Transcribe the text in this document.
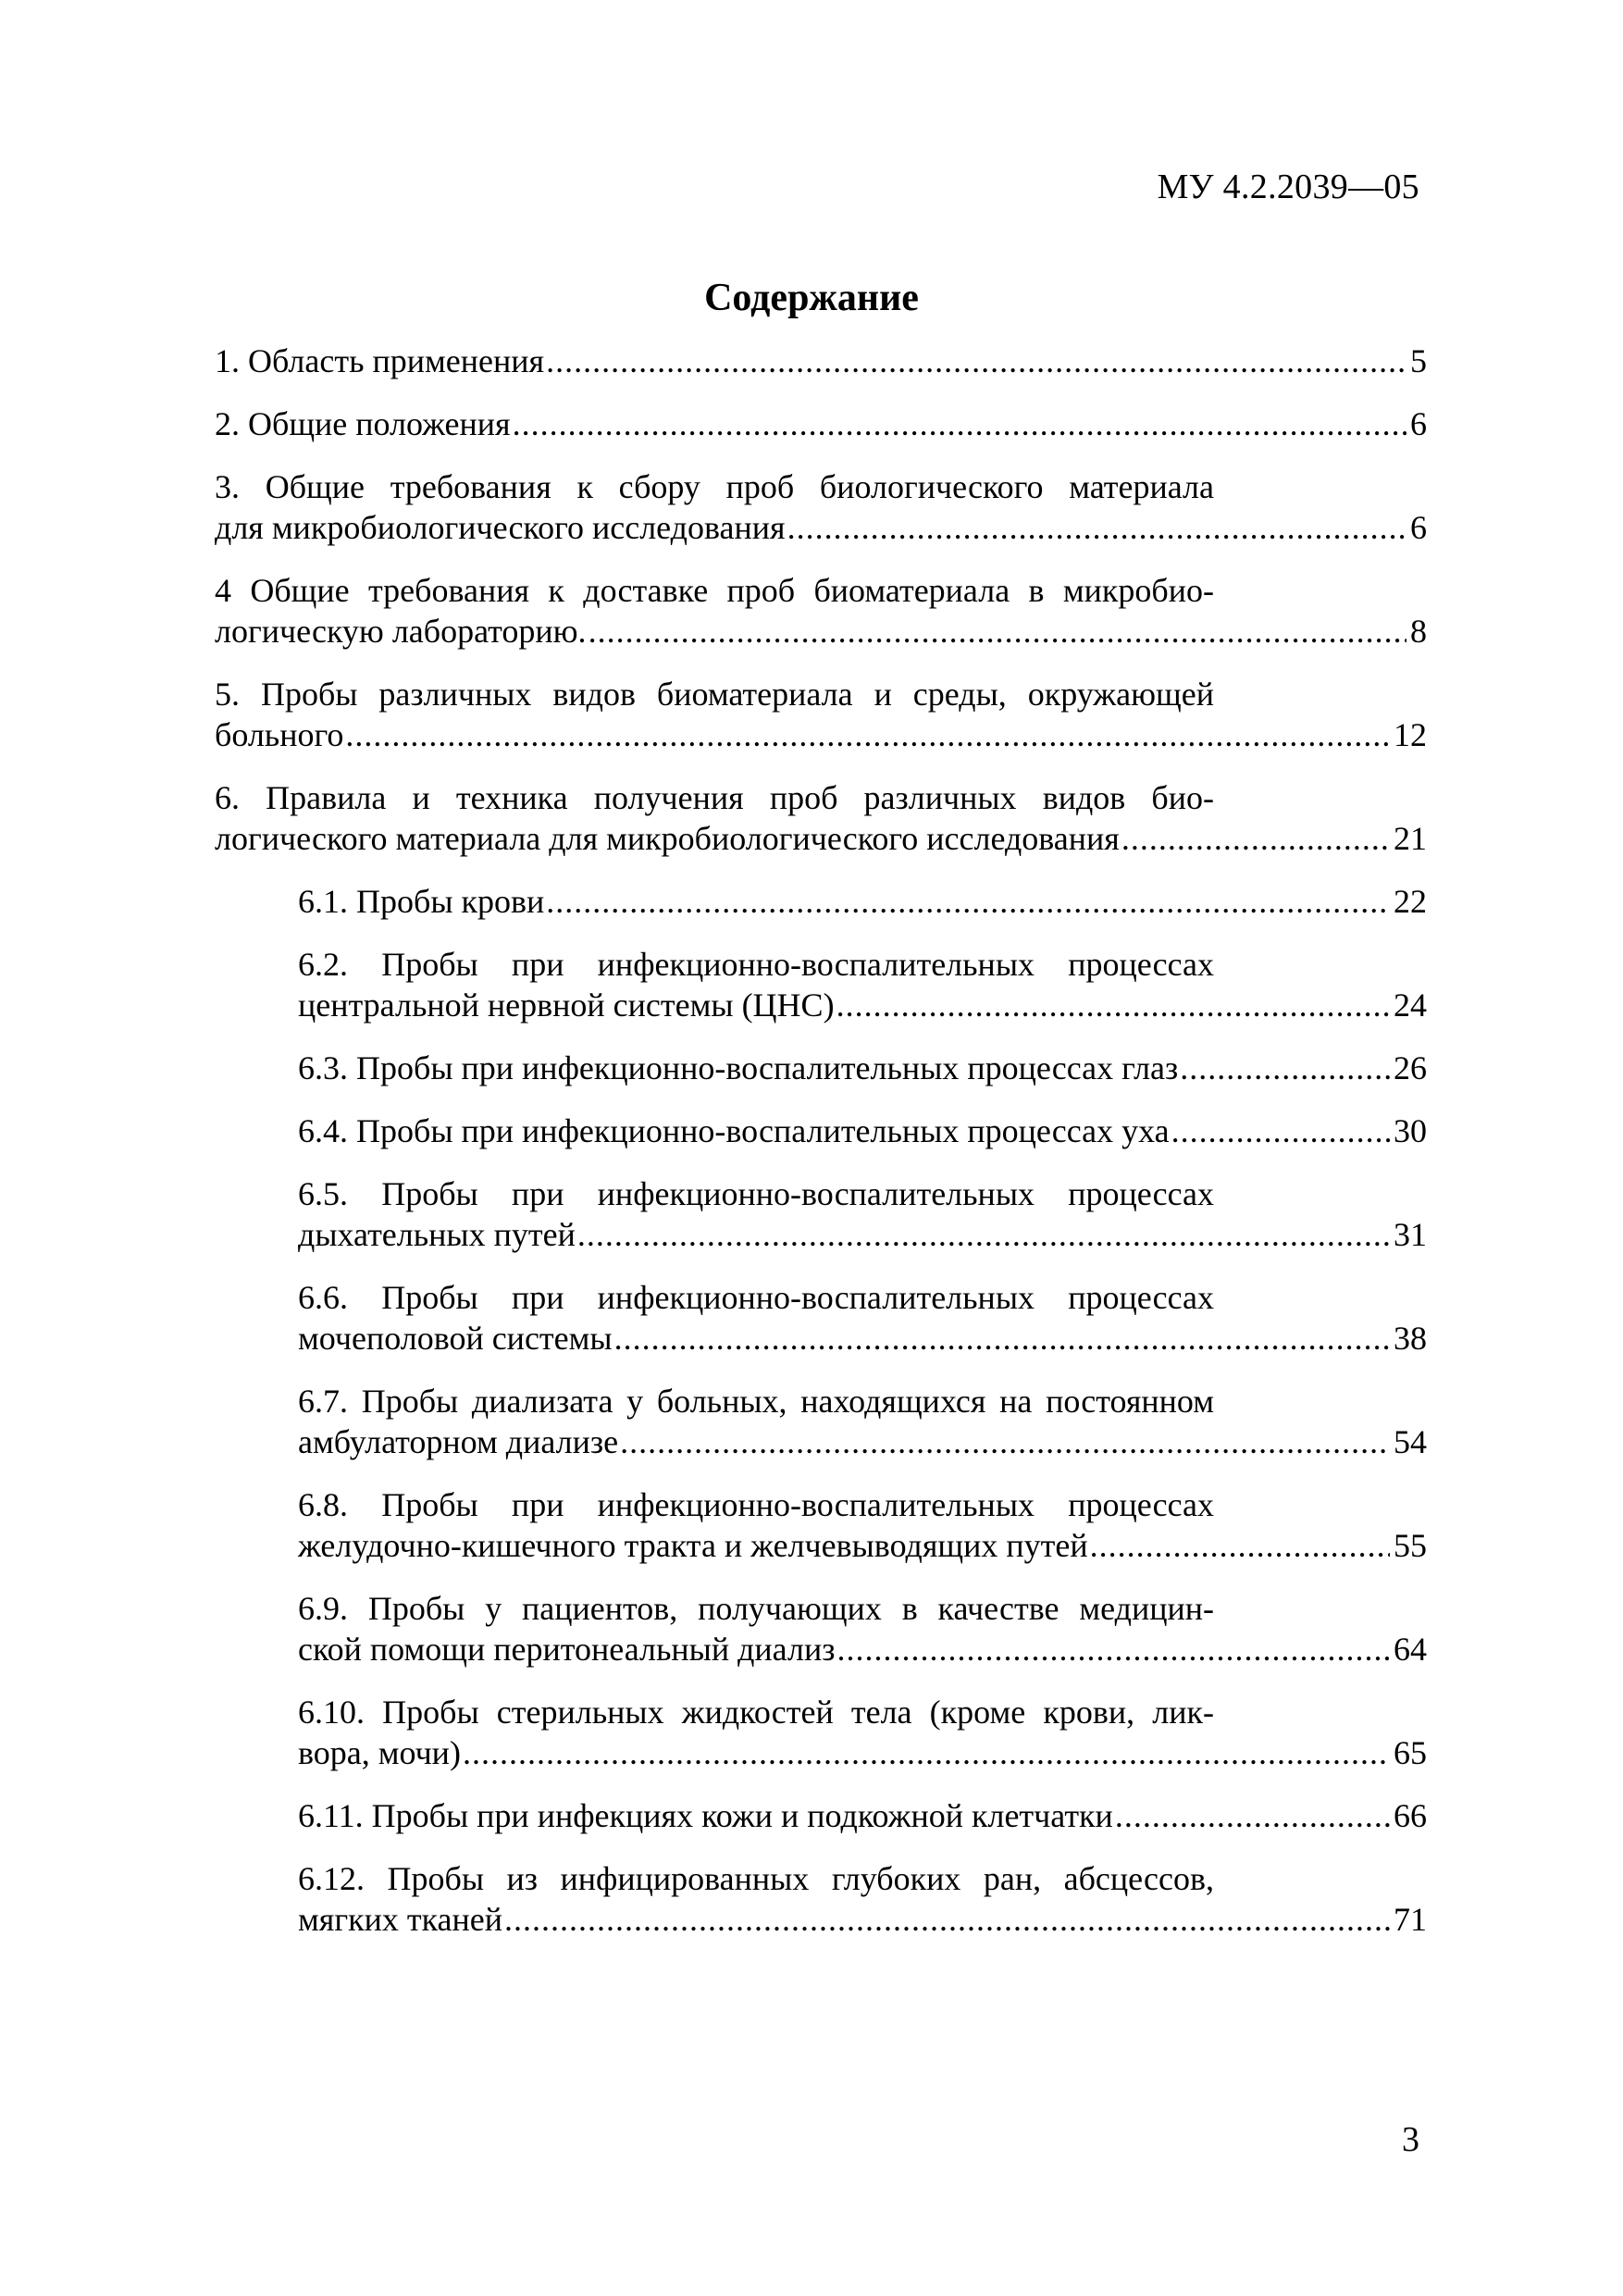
МУ 4.2.2039—05
Содержание
1. Область применения .....	5
2. Общие положения .....	6
3. Общие требования к сбору проб биологического материала
для микробиологического исследования .....	6
4 Общие требования к доставке проб биоматериала в микробио-
логическую лабораторию. .....	8
5. Пробы различных видов биоматериала и среды, окружающей
больного .....	12
6. Правила и техника получения проб различных видов био-
логического материала для микробиологического исследования .....	21
6.1. Пробы крови .....	22
6.2. Пробы при инфекционно-воспалительных процессах
центральной нервной системы (ЦНС) .....	24
6.3. Пробы при инфекционно-воспалительных процессах глаз .....	26
6.4. Пробы при инфекционно-воспалительных процессах уха .....	30
6.5. Пробы при инфекционно-воспалительных процессах
дыхательных путей .....	31
6.6. Пробы при инфекционно-воспалительных процессах
мочеполовой системы .....	38
6.7. Пробы диализата у больных, находящихся на постоянном
амбулаторном диализе .....	54
6.8. Пробы при инфекционно-воспалительных процессах
желудочно-кишечного тракта и желчевыводящих путей .....	55
6.9. Пробы у пациентов, получающих в качестве медицин-
ской помощи перитонеальный диализ .....	64
6.10. Пробы стерильных жидкостей тела (кроме крови, лик-
вора, мочи) .....	65
6.11. Пробы при инфекциях кожи и подкожной клетчатки .....	66
6.12. Пробы из инфицированных глубоких ран, абсцессов,
мягких тканей .....	71
3
